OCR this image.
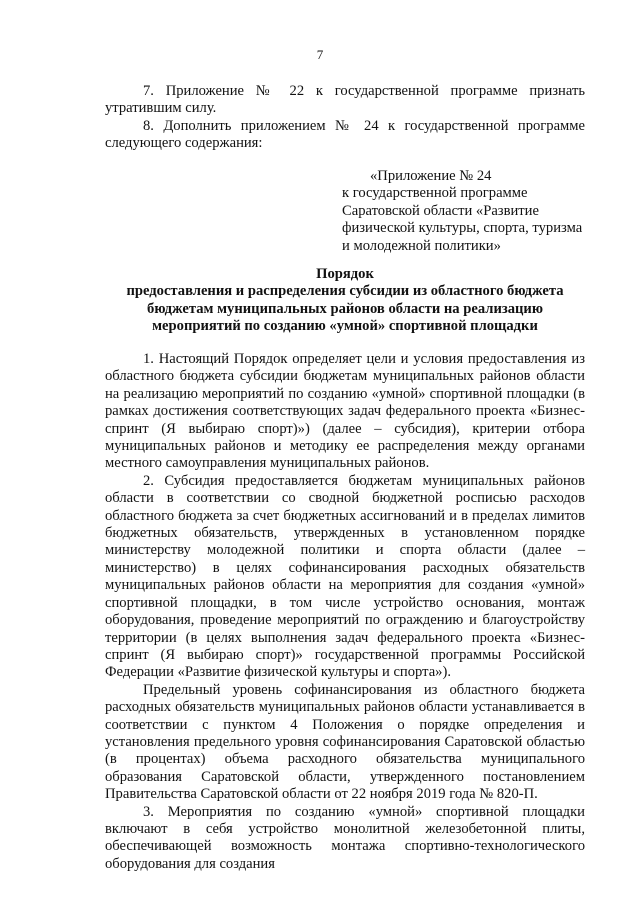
7

7. Приложение № 22 к государственной программе признать утратившим силу.

8. Дополнить приложением № 24 к государственной программе следующего содержания:

«Приложение № 24
к государственной программе
Саратовской области «Развитие
физической культуры, спорта, туризма
и молодежной политики»
Порядок
предоставления и распределения субсидии из областного бюджета
бюджетам муниципальных районов области на реализацию
мероприятий по созданию «умной» спортивной площадки

1. Настоящий Порядок определяет цели и условия предоставления из областного бюджета субсидии бюджетам муниципальных районов области на реализацию мероприятий по созданию «умной» спортивной площадки (в рамках достижения соответствующих задач федерального проекта «Бизнес-спринт (Я выбираю спорт)») (далее – субсидия), критерии отбора муниципальных районов и методику ее распределения между органами местного самоуправления муниципальных районов.

2. Субсидия предоставляется бюджетам муниципальных районов области в соответствии со сводной бюджетной росписью расходов областного бюджета за счет бюджетных ассигнований и в пределах лимитов бюджетных обязательств, утвержденных в установленном порядке министерству молодежной политики и спорта области (далее – министерство) в целях софинансирования расходных обязательств муниципальных районов области на мероприятия для создания «умной» спортивной площадки, в том числе устройство основания, монтаж оборудования, проведение мероприятий по ограждению и благоустройству территории (в целях выполнения задач федерального проекта «Бизнес-спринт (Я выбираю спорт)» государственной программы Российской Федерации «Развитие физической культуры и спорта»).

Предельный уровень софинансирования из областного бюджета расходных обязательств муниципальных районов области устанавливается в соответствии с пунктом 4 Положения о порядке определения и установления предельного уровня софинансирования Саратовской областью (в процентах) объема расходного обязательства муниципального образования Саратовской области, утвержденного постановлением Правительства Саратовской области от 22 ноября 2019 года № 820-П.

3. Мероприятия по созданию «умной» спортивной площадки включают в себя устройство монолитной железобетонной плиты, обеспечивающей возможность монтажа спортивно-технологического оборудования для создания
